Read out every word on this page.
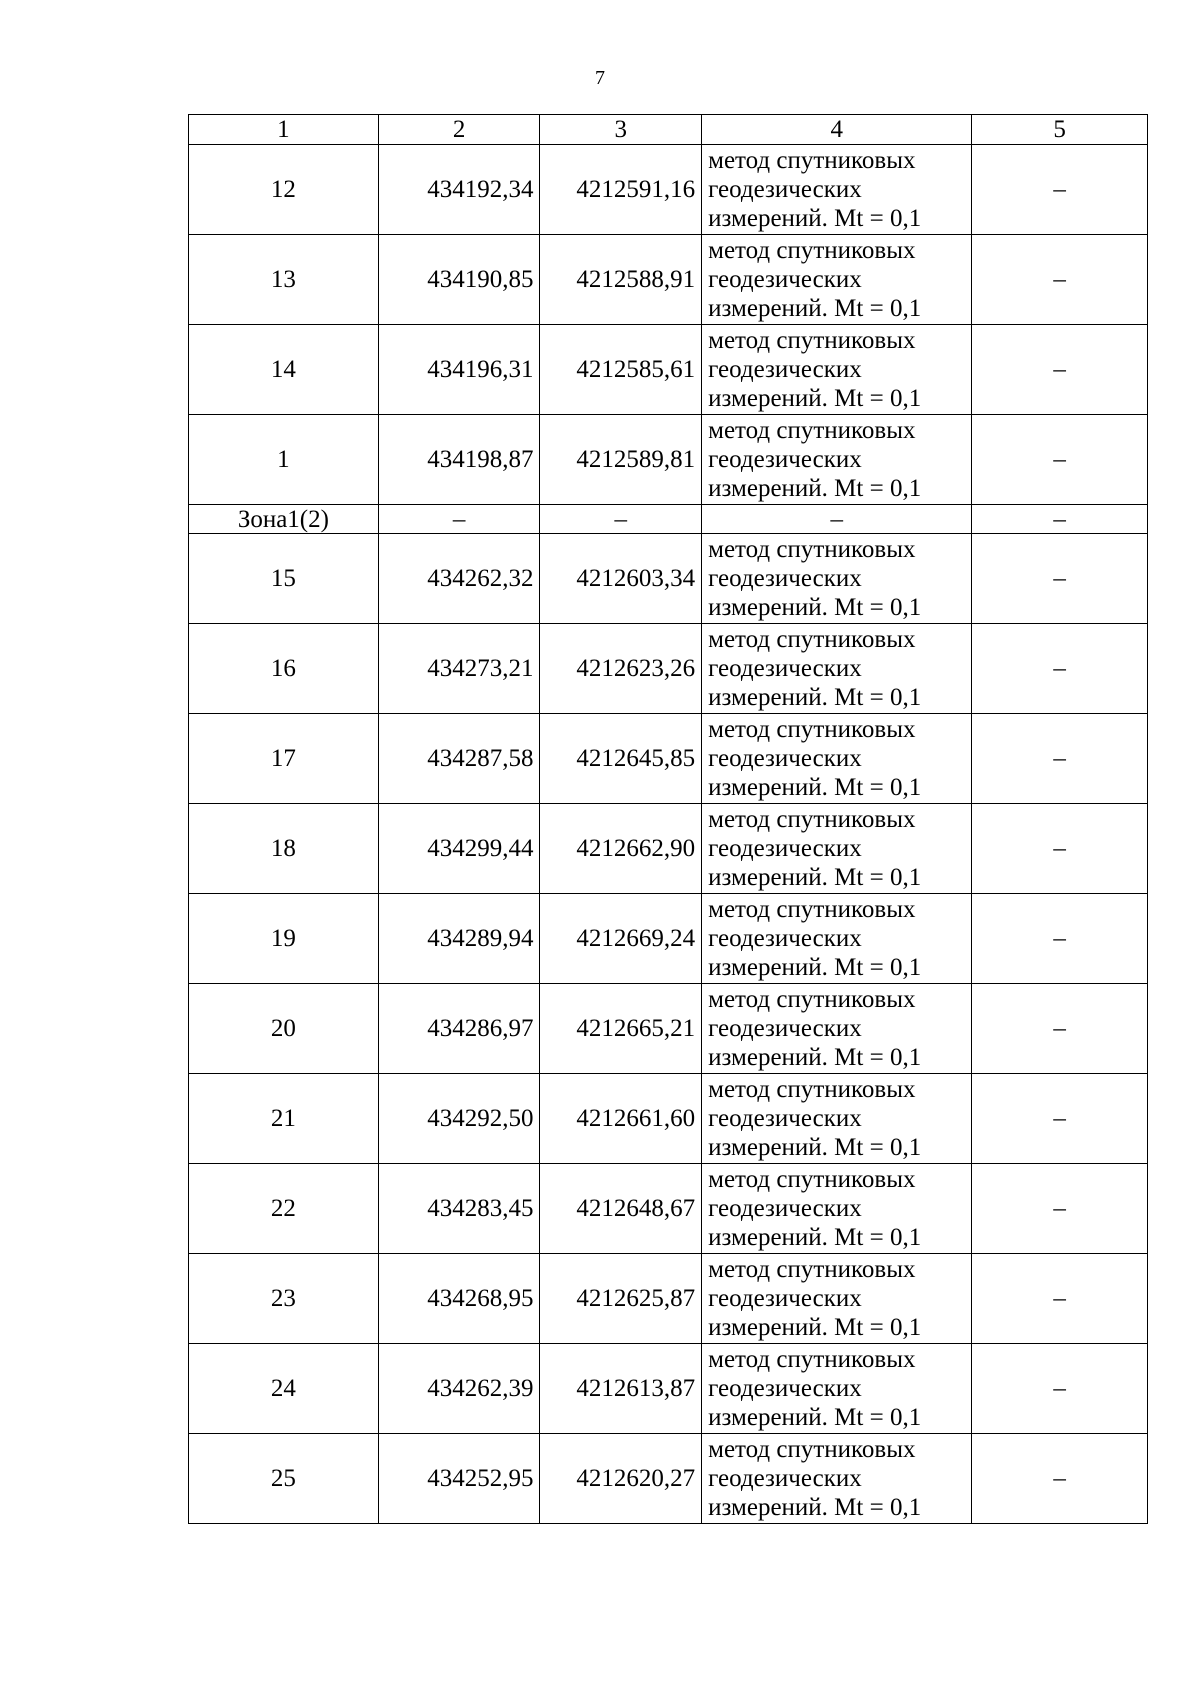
7
1	2	3	4	5
12	434192,34	4212591,16	метод спутниковых
геодезических
измерений. Mt = 0,1	–
13	434190,85	4212588,91	метод спутниковых
геодезических
измерений. Mt = 0,1	–
14	434196,31	4212585,61	метод спутниковых
геодезических
измерений. Mt = 0,1	–
1	434198,87	4212589,81	метод спутниковых
геодезических
измерений. Mt = 0,1	–
Зона1(2)	–	–	–	–
15	434262,32	4212603,34	метод спутниковых
геодезических
измерений. Mt = 0,1	–
16	434273,21	4212623,26	метод спутниковых
геодезических
измерений. Mt = 0,1	–
17	434287,58	4212645,85	метод спутниковых
геодезических
измерений. Mt = 0,1	–
18	434299,44	4212662,90	метод спутниковых
геодезических
измерений. Mt = 0,1	–
19	434289,94	4212669,24	метод спутниковых
геодезических
измерений. Mt = 0,1	–
20	434286,97	4212665,21	метод спутниковых
геодезических
измерений. Mt = 0,1	–
21	434292,50	4212661,60	метод спутниковых
геодезических
измерений. Mt = 0,1	–
22	434283,45	4212648,67	метод спутниковых
геодезических
измерений. Mt = 0,1	–
23	434268,95	4212625,87	метод спутниковых
геодезических
измерений. Mt = 0,1	–
24	434262,39	4212613,87	метод спутниковых
геодезических
измерений. Mt = 0,1	–
25	434252,95	4212620,27	метод спутниковых
геодезических
измерений. Mt = 0,1	–
